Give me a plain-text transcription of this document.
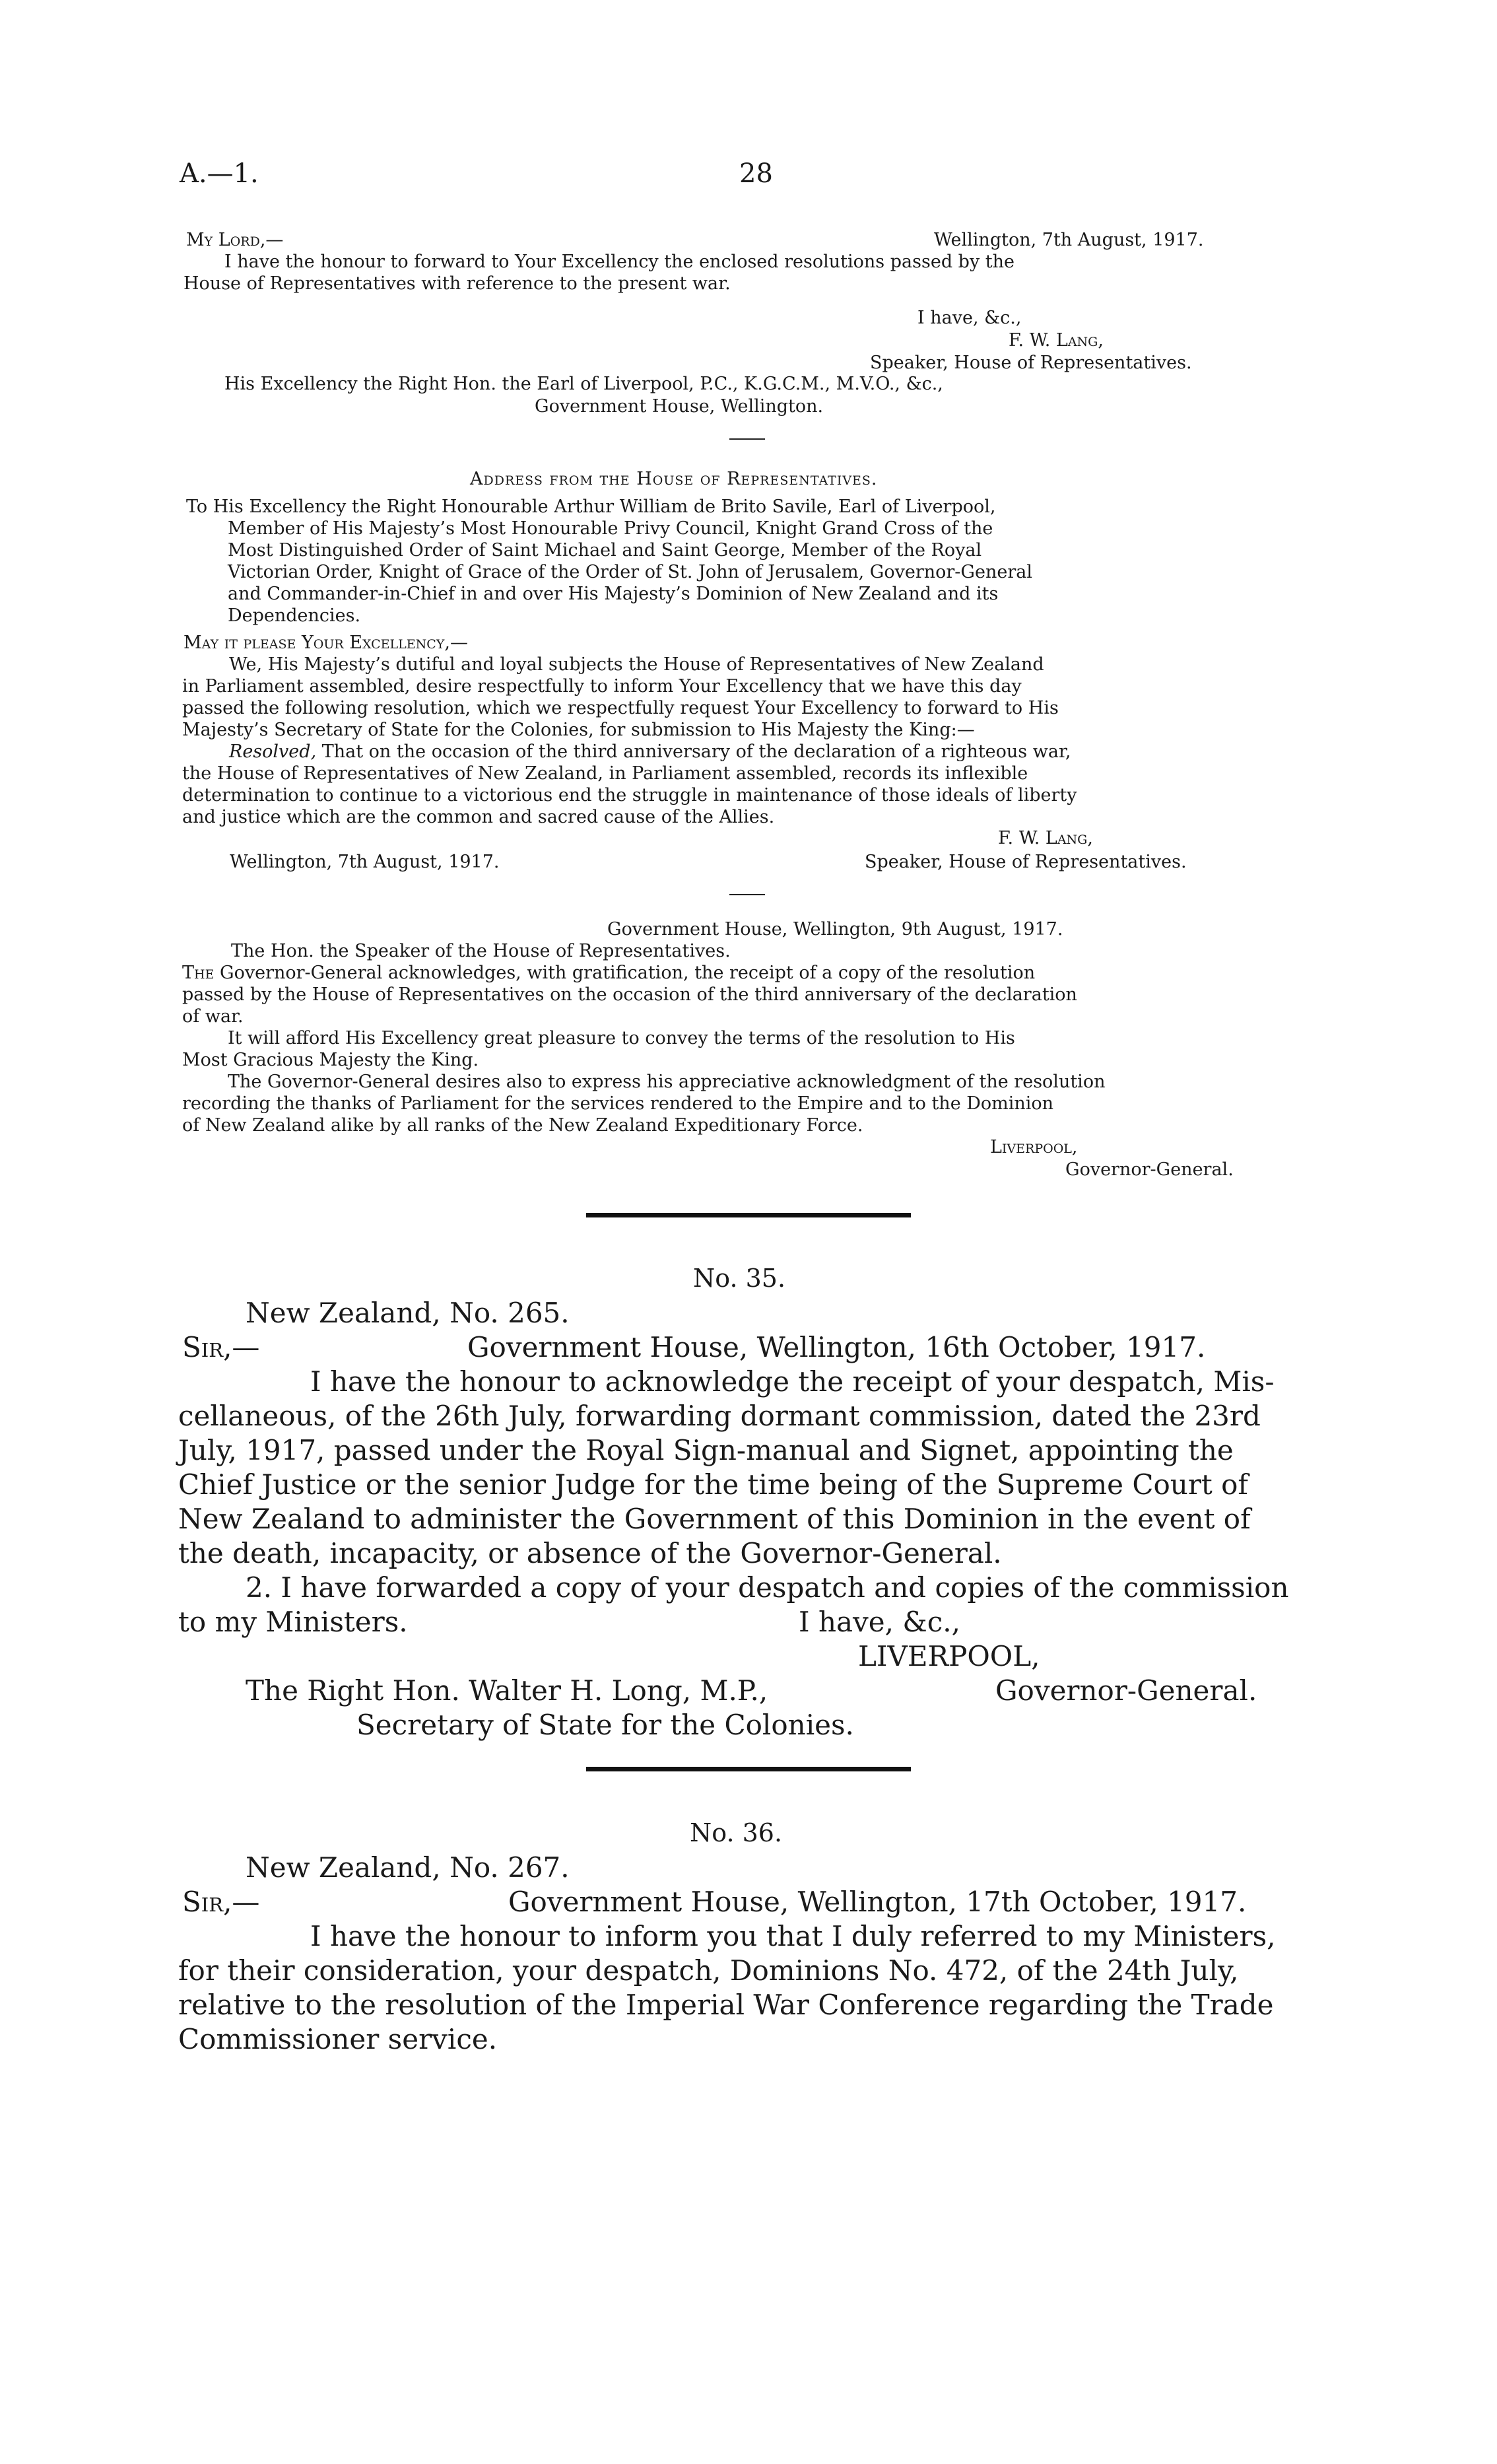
A.—1.	28
My Lord,—	Wellington, 7th August, 1917.
I have the honour to forward to Your Excellency the enclosed resolutions passed by the
House of Representatives with reference to the present war.
I have, &c.,
F. W. Lang,
Speaker, House of Representatives.
His Excellency the Right Hon. the Earl of Liverpool, P.C., K.G.C.M., M.V.O., &c.,
Government House, Wellington.
Address from the House of Representatives.
To His Excellency the Right Honourable Arthur William de Brito Savile, Earl of Liverpool,
Member of His Majesty’s Most Honourable Privy Council, Knight Grand Cross of the
Most Distinguished Order of Saint Michael and Saint George, Member of the Royal
Victorian Order, Knight of Grace of the Order of St. John of Jerusalem, Governor-General
and Commander-in-Chief in and over His Majesty’s Dominion of New Zealand and its
Dependencies.
May it please Your Excellency,—
We, His Majesty’s dutiful and loyal subjects the House of Representatives of New Zealand
in Parliament assembled, desire respectfully to inform Your Excellency that we have this day
passed the following resolution, which we respectfully request Your Excellency to forward to His
Majesty’s Secretary of State for the Colonies, for submission to His Majesty the King:—
Resolved, That on the occasion of the third anniversary of the declaration of a righteous war,
the House of Representatives of New Zealand, in Parliament assembled, records its inflexible
determination to continue to a victorious end the struggle in maintenance of those ideals of liberty
and justice which are the common and sacred cause of the Allies.
F. W. Lang,
Wellington, 7th August, 1917.	Speaker, House of Representatives.
Government House, Wellington, 9th August, 1917.
The Hon. the Speaker of the House of Representatives.
The Governor-General acknowledges, with gratification, the receipt of a copy of the resolution
passed by the House of Representatives on the occasion of the third anniversary of the declaration
of war.
It will afford His Excellency great pleasure to convey the terms of the resolution to His
Most Gracious Majesty the King.
The Governor-General desires also to express his appreciative acknowledgment of the resolution
recording the thanks of Parliament for the services rendered to the Empire and to the Dominion
of New Zealand alike by all ranks of the New Zealand Expeditionary Force.
Liverpool,
Governor-General.
No. 35.
New Zealand, No. 265.
Sir,—	Government House, Wellington, 16th October, 1917.
I have the honour to acknowledge the receipt of your despatch, Mis-
cellaneous, of the 26th July, forwarding dormant commission, dated the 23rd
July, 1917, passed under the Royal Sign-manual and Signet, appointing the
Chief Justice or the senior Judge for the time being of the Supreme Court of
New Zealand to administer the Government of this Dominion in the event of
the death, incapacity, or absence of the Governor-General.
2. I have forwarded a copy of your despatch and copies of the commission
to my Ministers.	I have, &c.,
LIVERPOOL,
The Right Hon. Walter H. Long, M.P.,	Governor-General.
Secretary of State for the Colonies.
No. 36.
New Zealand, No. 267.
Sir,—	Government House, Wellington, 17th October, 1917.
I have the honour to inform you that I duly referred to my Ministers,
for their consideration, your despatch, Dominions No. 472, of the 24th July,
relative to the resolution of the Imperial War Conference regarding the Trade
Commissioner service.
